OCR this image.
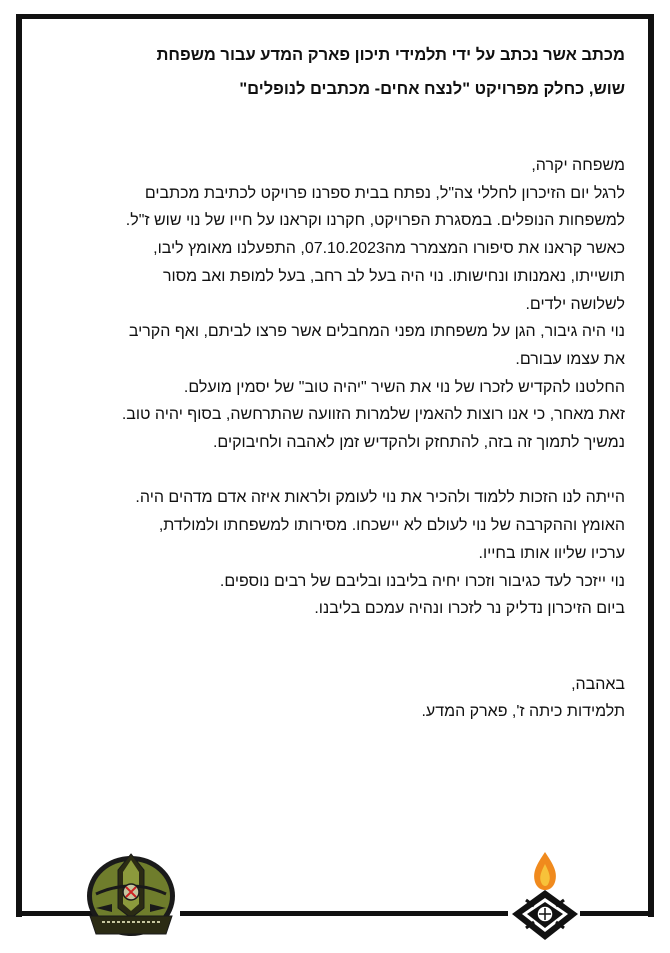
מכתב אשר נכתב על ידי תלמידי תיכון פארק המדע עבור משפחת
שוש, כחלק מפרויקט "לנצח אחים- מכתבים לנופלים"
משפחה יקרה,
לרגל יום הזיכרון לחללי צה"ל, נפתח בבית ספרנו פרויקט לכתיבת מכתבים
למשפחות הנופלים. במסגרת הפרויקט, חקרנו וקראנו על חייו של נוי שוש ז"ל.
כאשר קראנו את סיפורו המצמרר מה07.10.2023, התפעלנו מאומץ ליבו,
תושייתו, נאמנותו ונחישותו. נוי היה בעל לב רחב, בעל למופת ואב מסור
לשלושה ילדים.
נוי היה גיבור, הגן על משפחתו מפני המחבלים אשר פרצו לביתם, ואף הקריב
את עצמו עבורם.
החלטנו להקדיש לזכרו של נוי את השיר "יהיה טוב" של יסמין מועלם.
זאת מאחר, כי אנו רוצות להאמין שלמרות הזוועה שהתרחשה, בסוף יהיה טוב.
נמשיך לתמוך זה בזה, להתחזק ולהקדיש זמן לאהבה ולחיבוקים.
הייתה לנו הזכות ללמוד ולהכיר את נוי לעומק ולראות איזה אדם מדהים היה.
האומץ וההקרבה של נוי לעולם לא יישכחו. מסירותו למשפחתו ולמולדת,
ערכיו שליוו אותו בחייו.
נוי ייזכר לעד כגיבור וזכרו יחיה בליבנו ובליבם של רבים נוספים.
ביום הזיכרון נדליק נר לזכרו ונהיה עמכם בליבנו.
באהבה,
תלמידות כיתה ז', פארק המדע.
